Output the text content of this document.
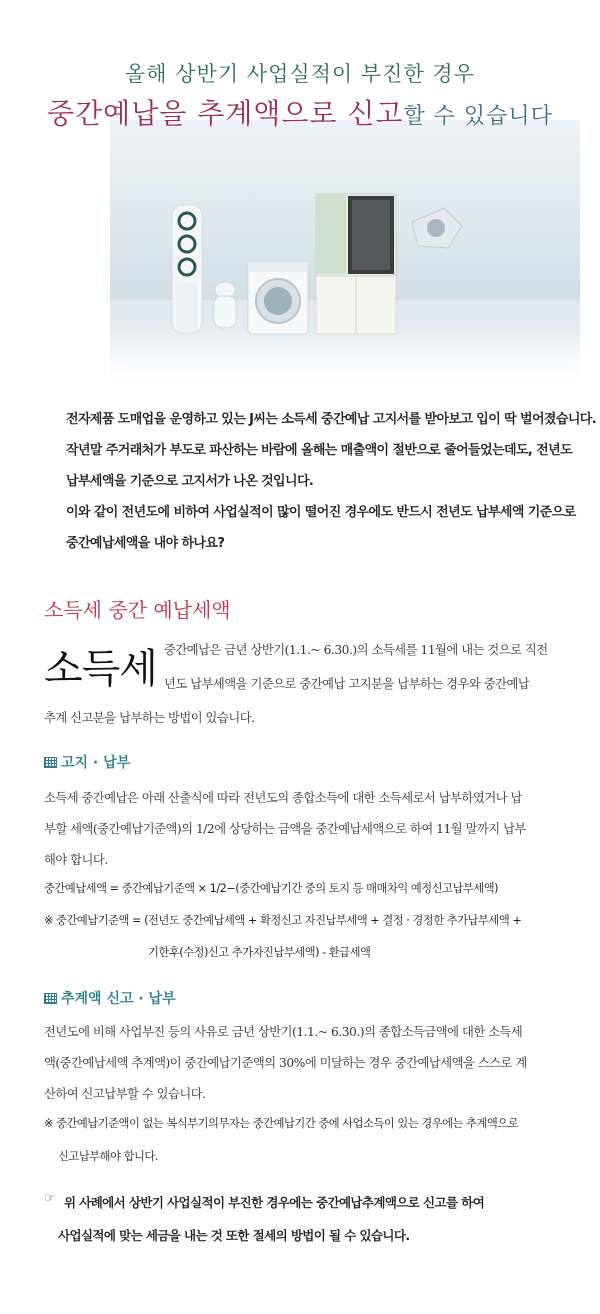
올해 상반기 사업실적이 부진한 경우
중간예납을 추계액으로 신고할 수 있습니다
전자제품 도매업을 운영하고 있는 J씨는 소득세 중간예납 고지서를 받아보고 입이 딱 벌어졌습니다.
작년말 주거래처가 부도로 파산하는 바람에 올해는 매출액이 절반으로 줄어들었는데도, 전년도
납부세액을 기준으로 고지서가 나온 것입니다.
이와 같이 전년도에 비하여 사업실적이 많이 떨어진 경우에도 반드시 전년도 납부세액 기준으로
중간예납세액을 내야 하나요?
소득세 중간 예납세액
소득세 중간예납은 금년 상반기(1.1.~ 6.30.)의 소득세를 11월에 내는 것으로 직전
년도 납부세액을 기준으로 중간예납 고지분을 납부하는 경우와 중간예납
추계 신고분을 납부하는 방법이 있습니다.
고지 · 납부
소득세 중간예납은 아래 산출식에 따라 전년도의 종합소득에 대한 소득세로서 납부하였거나 납
부할 세액(중간예납기준액)의 1/2에 상당하는 금액을 중간예납세액으로 하여 11월 말까지 납부
해야 합니다.
중간예납세액 = 중간예납기준액 × 1/2−(중간예납기간 중의 토지 등 매매차익 예정신고납부세액)
※ 중간예납기준액 = (전년도 중간예납세액 + 확정신고 자진납부세액 + 결정 · 경정한 추가납부세액 +
기한후(수정)신고 추가자진납부세액) - 환급세액
추계액 신고 · 납부
전년도에 비해 사업부진 등의 사유로 금년 상반기(1.1.~ 6.30.)의 종합소득금액에 대한 소득세
액(중간예납세액 추계액)이 중간예납기준액의 30%에 미달하는 경우 중간예납세액을 스스로 계
산하여 신고납부할 수 있습니다.
※ 중간예납기준액이 없는 복식부기의무자는 중간예납기간 중에 사업소득이 있는 경우에는 추계액으로
신고납부해야 합니다.
☞ 위 사례에서 상반기 사업실적이 부진한 경우에는 중간예납추계액으로 신고를 하여
사업실적에 맞는 세금을 내는 것 또한 절세의 방법이 될 수 있습니다.
